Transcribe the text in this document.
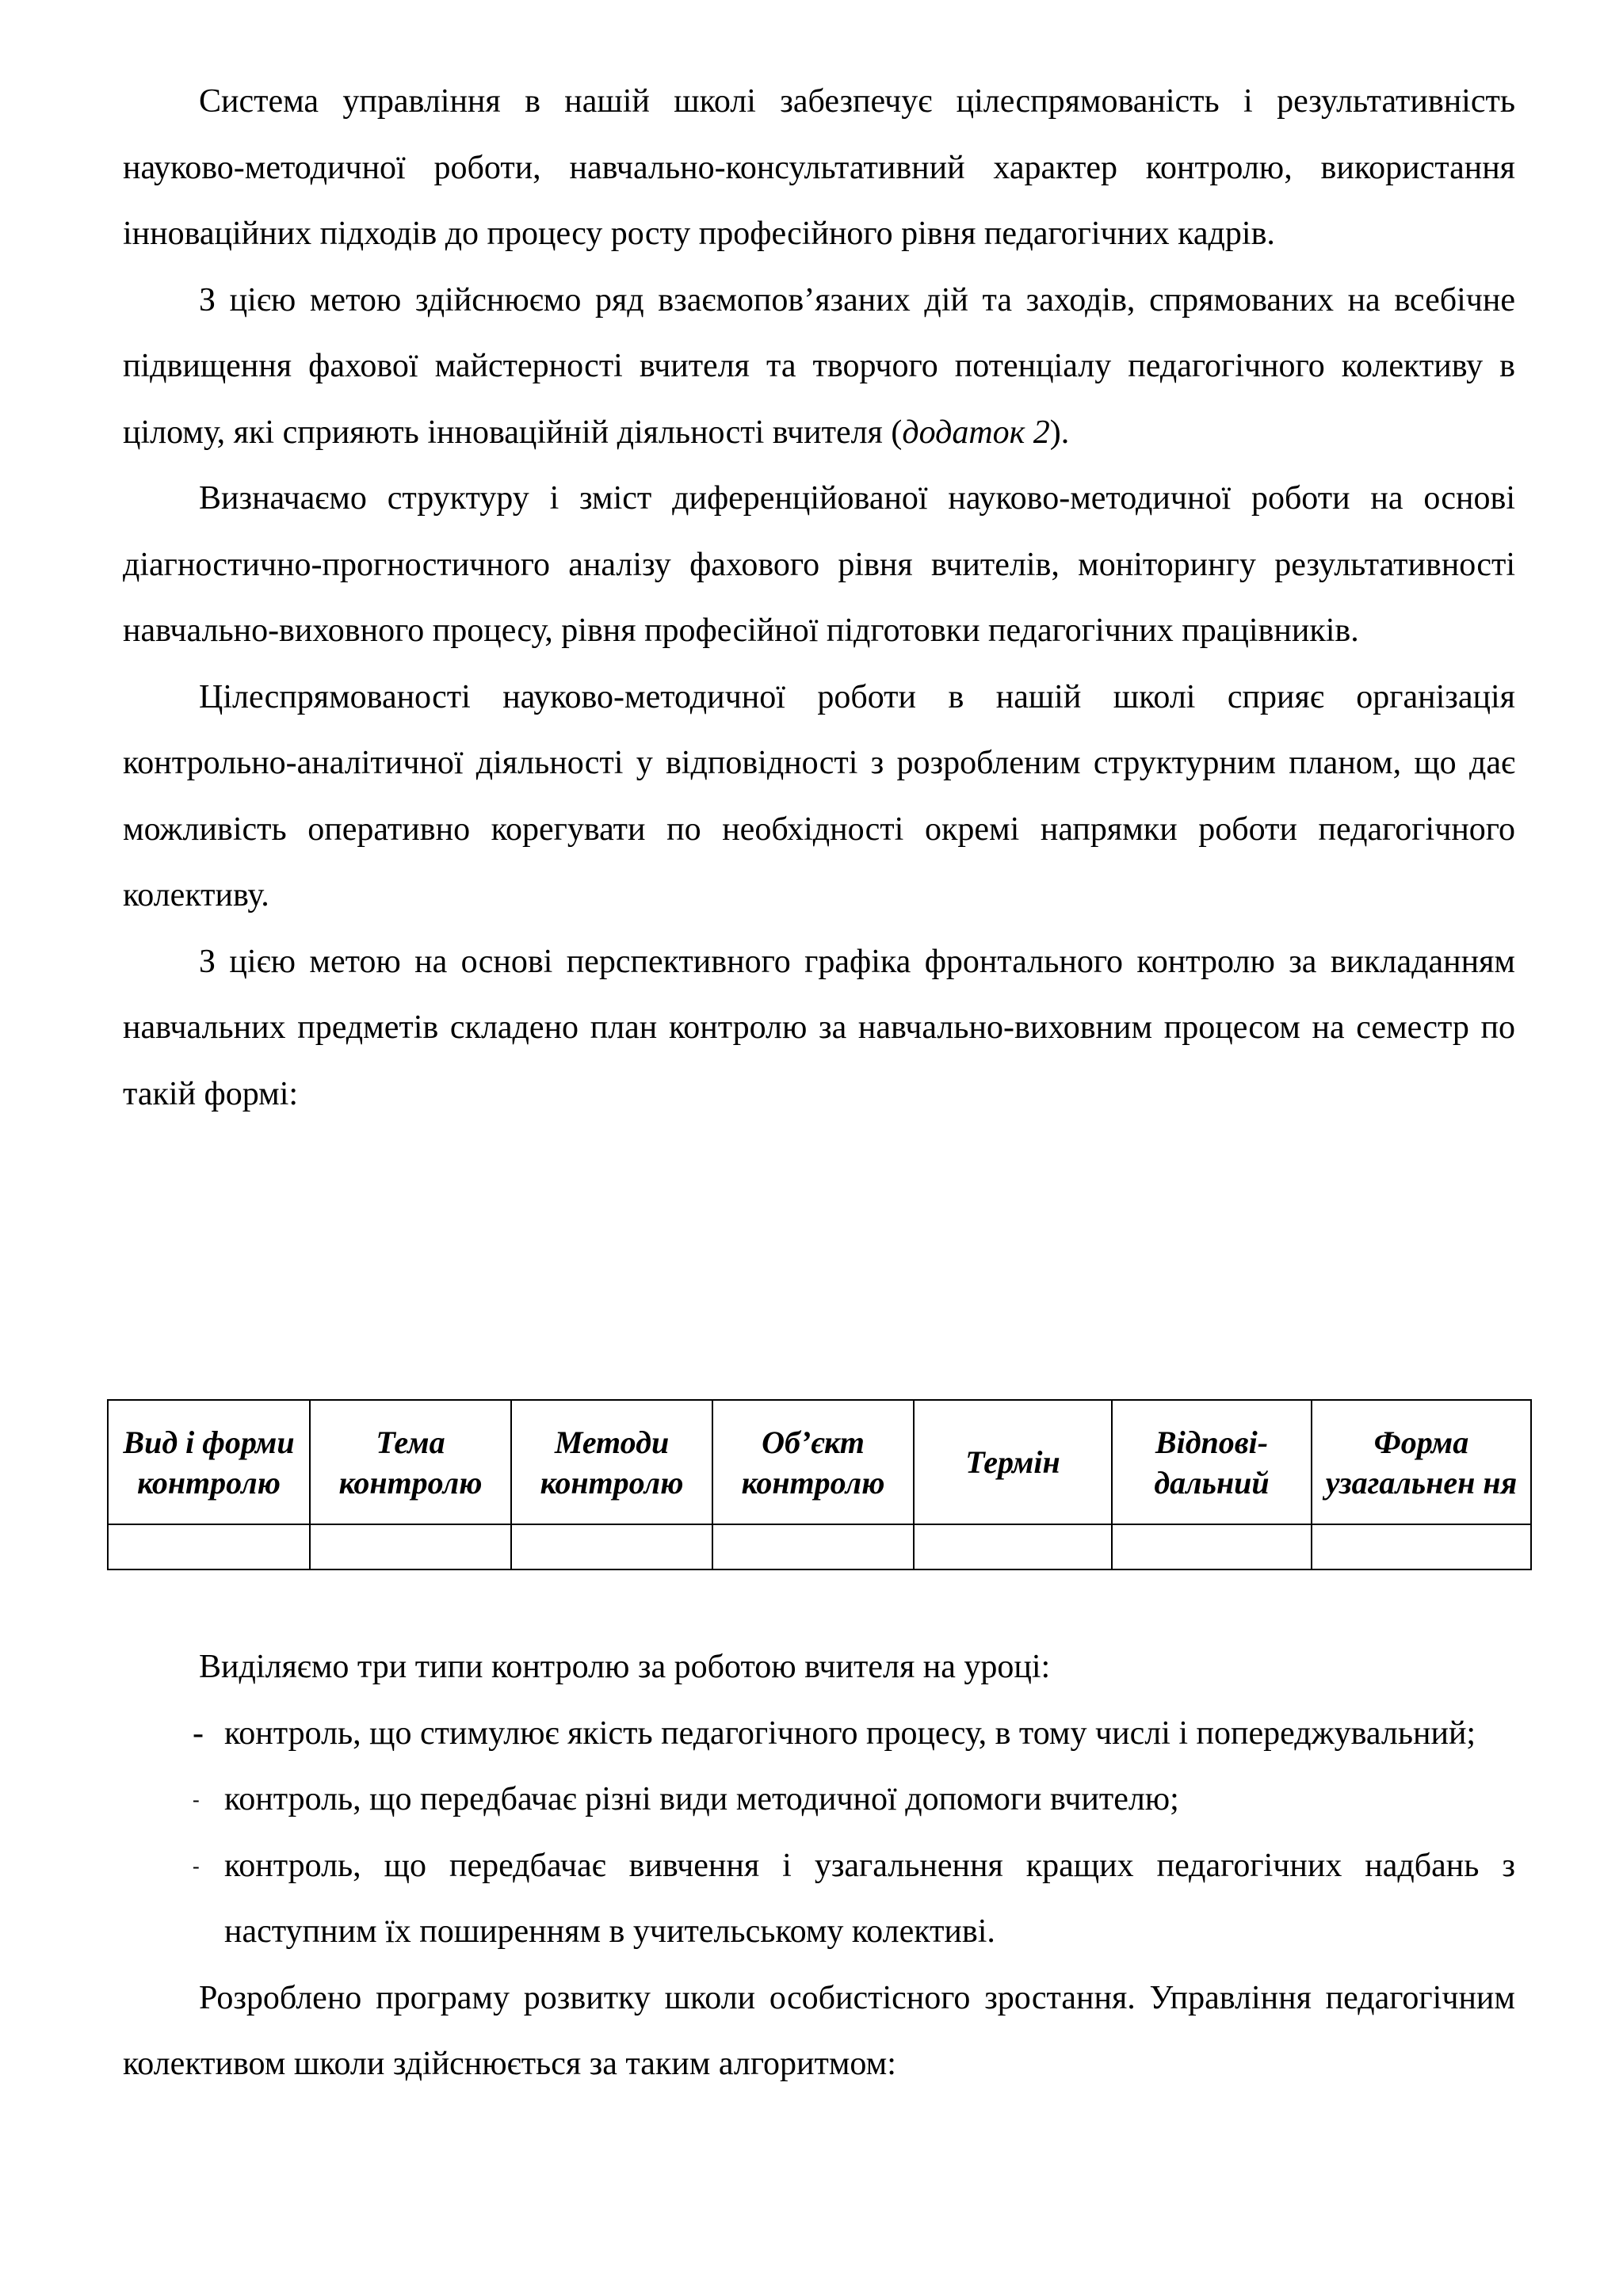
Система управління в нашій школі забезпечує цілеспрямованість і результативність науково-методичної роботи, навчально-консультативний характер контролю, використання інноваційних підходів до процесу росту професійного рівня педагогічних кадрів.

З цією метою здійснюємо ряд взаємопов’язаних дій та заходів, спрямованих на всебічне підвищення фахової майстерності вчителя та творчого потенціалу педагогічного колективу в цілому, які сприяють інноваційній діяльності вчителя (додаток 2).

Визначаємо структуру і зміст диференційованої науково-методичної роботи на основі діагностично-прогностичного аналізу фахового рівня вчителів, моніторингу результативності навчально-виховного процесу, рівня професійної підготовки педагогічних працівників.

Цілеспрямованості науково-методичної роботи в нашій школі сприяє організація контрольно-аналітичної діяльності у відповідності з розробленим структурним планом, що дає можливість оперативно корегувати по необхідності окремі напрямки роботи педагогічного колективу.

З цією метою на основі перспективного графіка фронтального контролю за викладанням навчальних предметів складено план контролю за навчально-виховним процесом на семестр по такій формі:

Вид і форми контролю	Тема контролю	Методи контролю	Об’єкт контролю	Термін	Відпові-дальний	Форма узагальнен ня

Виділяємо три типи контролю за роботою вчителя на уроці:

- контроль, що стимулює якість педагогічного процесу, в тому числі і попереджувальний;
- контроль, що передбачає різні види методичної допомоги вчителю;
- контроль, що передбачає вивчення і узагальнення кращих педагогічних надбань з наступним їх поширенням в учительському колективі.

Розроблено програму розвитку школи особистісного зростання. Управління педагогічним колективом школи здійснюється за таким алгоритмом:
